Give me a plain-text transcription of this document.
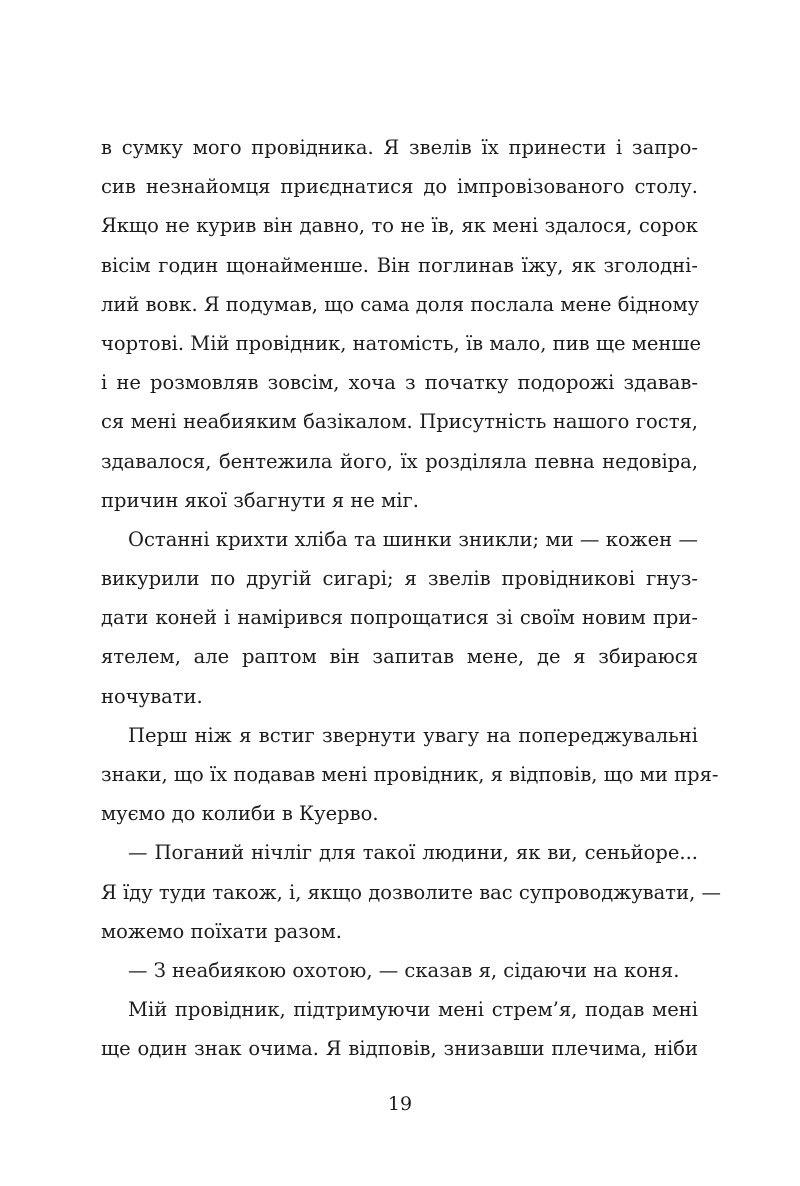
в сумку мого провідника. Я звелів їх принести і запро-
сив незнайомця приєднатися до імпровізованого столу.
Якщо не курив він давно, то не їв, як мені здалося, сорок
вісім годин щонайменше. Він поглинав їжу, як зголодні-
лий вовк. Я подумав, що сама доля послала мене бідному
чортові. Мій провідник, натомість, їв мало, пив ще менше
і не розмовляв зовсім, хоча з початку подорожі здавав-
ся мені неабияким базікалом. Присутність нашого гостя,
здавалося, бентежила його, їх розділяла певна недовіра,
причин якої збагнути я не міг.
Останні крихти хліба та шинки зникли; ми — кожен —
викурили по другій сигарі; я звелів провідникові гнуз-
дати коней і намірився попрощатися зі своїм новим при-
ятелем, але раптом він запитав мене, де я збираюся
ночувати.
Перш ніж я встиг звернути увагу на попереджувальні
знаки, що їх подавав мені провідник, я відповів, що ми пря-
муємо до колиби в Куерво.
— Поганий нічліг для такої людини, як ви, сеньйоре...
Я їду туди також, і, якщо дозволите вас супроводжувати, —
можемо поїхати разом.
— З неабиякою охотою, — сказав я, сідаючи на коня.
Мій провідник, підтримуючи мені стрем’я, подав мені
ще один знак очима. Я відповів, знизавши плечима, ніби
19
